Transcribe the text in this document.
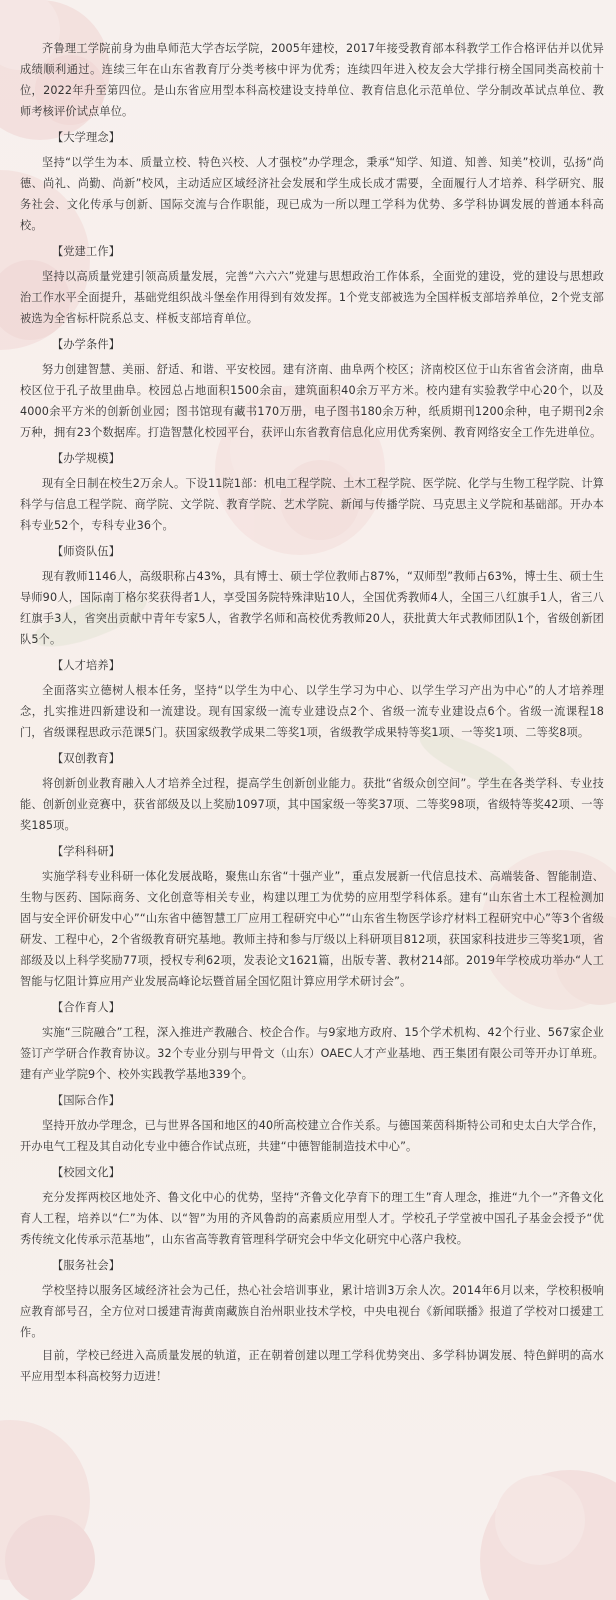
齐鲁理工学院前身为曲阜师范大学杏坛学院，2005年建校，2017年接受教育部本科教学工作合格评估并以优异成绩顺利通过。连续三年在山东省教育厅分类考核中评为优秀；连续四年进入校友会大学排行榜全国同类高校前十位，2022年升至第四位。是山东省应用型本科高校建设支持单位、教育信息化示范单位、学分制改革试点单位、教师考核评价试点单位。

【大学理念】

坚持“以学生为本、质量立校、特色兴校、人才强校”办学理念，秉承“知学、知道、知善、知美”校训，弘扬“尚德、尚礼、尚勤、尚新”校风，主动适应区域经济社会发展和学生成长成才需要，全面履行人才培养、科学研究、服务社会、文化传承与创新、国际交流与合作职能，现已成为一所以理工学科为优势、多学科协调发展的普通本科高校。

【党建工作】

坚持以高质量党建引领高质量发展，完善“六六六”党建与思想政治工作体系，全面党的建设，党的建设与思想政治工作水平全面提升，基础党组织战斗堡垒作用得到有效发挥。1个党支部被选为全国样板支部培养单位，2个党支部被选为全省标杆院系总支、样板支部培育单位。

【办学条件】

努力创建智慧、美丽、舒适、和谐、平安校园。建有济南、曲阜两个校区；济南校区位于山东省省会济南，曲阜校区位于孔子故里曲阜。校园总占地面积1500余亩，建筑面积40余万平方米。校内建有实验教学中心20个，以及4000余平方米的创新创业园；图书馆现有藏书170万册，电子图书180余万种，纸质期刊1200余种，电子期刊2余万种，拥有23个数据库。打造智慧化校园平台，获评山东省教育信息化应用优秀案例、教育网络安全工作先进单位。

【办学规模】

现有全日制在校生2万余人。下设11院1部：机电工程学院、土木工程学院、医学院、化学与生物工程学院、计算科学与信息工程学院、商学院、文学院、教育学院、艺术学院、新闻与传播学院、马克思主义学院和基础部。开办本科专业52个，专科专业36个。

【师资队伍】

现有教师1146人，高级职称占43%，具有博士、硕士学位教师占87%，“双师型”教师占63%，博士生、硕士生导师90人，国际南丁格尔奖获得者1人，享受国务院特殊津贴10人，全国优秀教师4人，全国三八红旗手1人，省三八红旗手3人，省突出贡献中青年专家5人，省教学名师和高校优秀教师20人，获批黄大年式教师团队1个，省级创新团队5个。

【人才培养】

全面落实立德树人根本任务，坚持“以学生为中心、以学生学习为中心、以学生学习产出为中心”的人才培养理念，扎实推进四新建设和一流建设。现有国家级一流专业建设点2个、省级一流专业建设点6个。省级一流课程18门，省级课程思政示范课5门。获国家级教学成果二等奖1项，省级教学成果特等奖1项、一等奖1项、二等奖8项。

【双创教育】

将创新创业教育融入人才培养全过程，提高学生创新创业能力。获批“省级众创空间”。学生在各类学科、专业技能、创新创业竞赛中，获省部级及以上奖励1097项，其中国家级一等奖37项、二等奖98项，省级特等奖42项、一等奖185项。

【学科科研】

实施学科专业科研一体化发展战略，聚焦山东省“十强产业”，重点发展新一代信息技术、高端装备、智能制造、生物与医药、国际商务、文化创意等相关专业，构建以理工为优势的应用型学科体系。建有“山东省土木工程检测加固与安全评价研发中心”“山东省中德智慧工厂应用工程研究中心”“山东省生物医学诊疗材料工程研究中心”等3个省级研发、工程中心，2个省级教育研究基地。教师主持和参与厅级以上科研项目812项，获国家科技进步三等奖1项，省部级及以上科学奖励77项，授权专利62项，发表论文1621篇，出版专著、教材214部。2019年学校成功举办“人工智能与忆阻计算应用产业发展高峰论坛暨首届全国忆阻计算应用学术研讨会”。

【合作育人】

实施“三院融合”工程，深入推进产教融合、校企合作。与9家地方政府、15个学术机构、42个行业、567家企业签订产学研合作教育协议。32个专业分别与甲骨文（山东）OAEC人才产业基地、西王集团有限公司等开办订单班。建有产业学院9个、校外实践教学基地339个。

【国际合作】

坚持开放办学理念，已与世界各国和地区的40所高校建立合作关系。与德国莱茵科斯特公司和史太白大学合作，开办电气工程及其自动化专业中德合作试点班，共建“中德智能制造技术中心”。

【校园文化】

充分发挥两校区地处齐、鲁文化中心的优势，坚持“齐鲁文化孕育下的理工生”育人理念，推进“九个一”齐鲁文化育人工程，培养以“仁”为体、以“智”为用的齐风鲁韵的高素质应用型人才。学校孔子学堂被中国孔子基金会授予“优秀传统文化传承示范基地”，山东省高等教育管理科学研究会中华文化研究中心落户我校。

【服务社会】

学校坚持以服务区域经济社会为己任，热心社会培训事业，累计培训3万余人次。2014年6月以来，学校积极响应教育部号召，全方位对口援建青海黄南藏族自治州职业技术学校，中央电视台《新闻联播》报道了学校对口援建工作。

目前，学校已经进入高质量发展的轨道，正在朝着创建以理工学科优势突出、多学科协调发展、特色鲜明的高水平应用型本科高校努力迈进！
